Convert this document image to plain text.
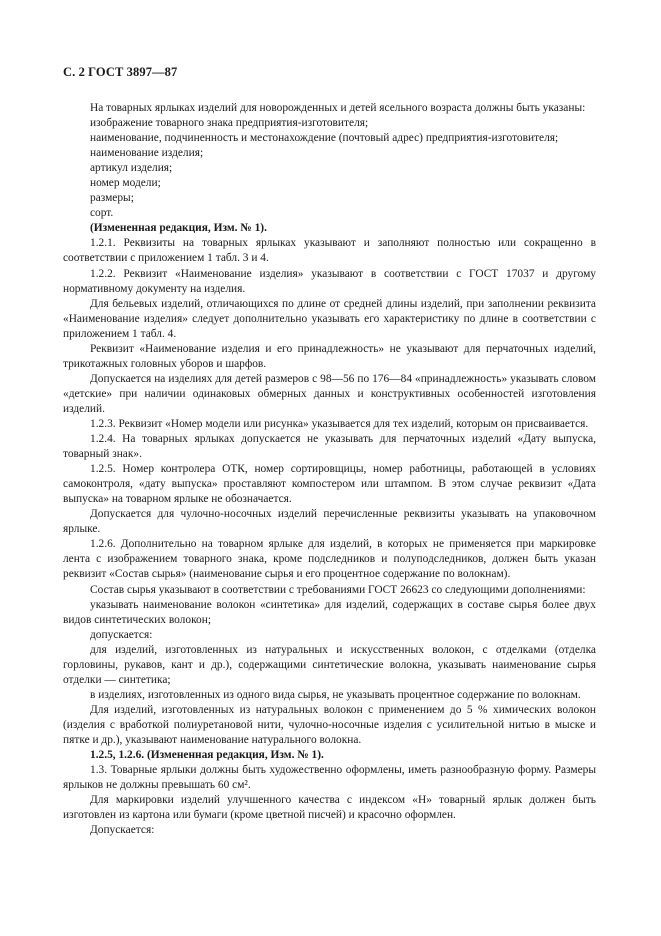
С. 2 ГОСТ 3897—87

На товарных ярлыках изделий для новорожденных и детей ясельного возраста должны быть указаны:

изображение товарного знака предприятия-изготовителя;

наименование, подчиненность и местонахождение (почтовый адрес) предприятия-изготовителя;

наименование изделия;

артикул изделия;

номер модели;

размеры;

сорт.

(Измененная редакция, Изм. № 1).

1.2.1. Реквизиты на товарных ярлыках указывают и заполняют полностью или сокращенно в соответствии с приложением 1 табл. 3 и 4.

1.2.2. Реквизит «Наименование изделия» указывают в соответствии с ГОСТ 17037 и другому нормативному документу на изделия.

Для бельевых изделий, отличающихся по длине от средней длины изделий, при заполнении реквизита «Наименование изделия» следует дополнительно указывать его характеристику по длине в соответствии с приложением 1 табл. 4.

Реквизит «Наименование изделия и его принадлежность» не указывают для перчаточных изделий, трикотажных головных уборов и шарфов.

Допускается на изделиях для детей размеров с 98—56 по 176—84 «принадлежность» указывать словом «детские» при наличии одинаковых обмерных данных и конструктивных особенностей изготовления изделий.

1.2.3. Реквизит «Номер модели или рисунка» указывается для тех изделий, которым он присваивается.

1.2.4. На товарных ярлыках допускается не указывать для перчаточных изделий «Дату выпуска, товарный знак».

1.2.5. Номер контролера ОТК, номер сортировщицы, номер работницы, работающей в условиях самоконтроля, «дату выпуска» проставляют компостером или штампом. В этом случае реквизит «Дата выпуска» на товарном ярлыке не обозначается.

Допускается для чулочно-носочных изделий перечисленные реквизиты указывать на упаковочном ярлыке.

1.2.6. Дополнительно на товарном ярлыке для изделий, в которых не применяется при маркировке лента с изображением товарного знака, кроме подследников и полуподследников, должен быть указан реквизит «Состав сырья» (наименование сырья и его процентное содержание по волокнам).

Состав сырья указывают в соответствии с требованиями ГОСТ 26623 со следующими дополнениями:

указывать наименование волокон «синтетика» для изделий, содержащих в составе сырья более двух видов синтетических волокон;

допускается:

для изделий, изготовленных из натуральных и искусственных волокон, с отделками (отделка горловины, рукавов, кант и др.), содержащими синтетические волокна, указывать наименование сырья отделки — синтетика;

в изделиях, изготовленных из одного вида сырья, не указывать процентное содержание по волокнам.

Для изделий, изготовленных из натуральных волокон с применением до 5 % химических волокон (изделия с вработкой полиуретановой нити, чулочно-носочные изделия с усилительной нитью в мыске и пятке и др.), указывают наименование натурального волокна.

1.2.5, 1.2.6. (Измененная редакция, Изм. № 1).

1.3. Товарные ярлыки должны быть художественно оформлены, иметь разнообразную форму. Размеры ярлыков не должны превышать 60 см².

Для маркировки изделий улучшенного качества с индексом «Н» товарный ярлык должен быть изготовлен из картона или бумаги (кроме цветной писчей) и красочно оформлен.

Допускается:
